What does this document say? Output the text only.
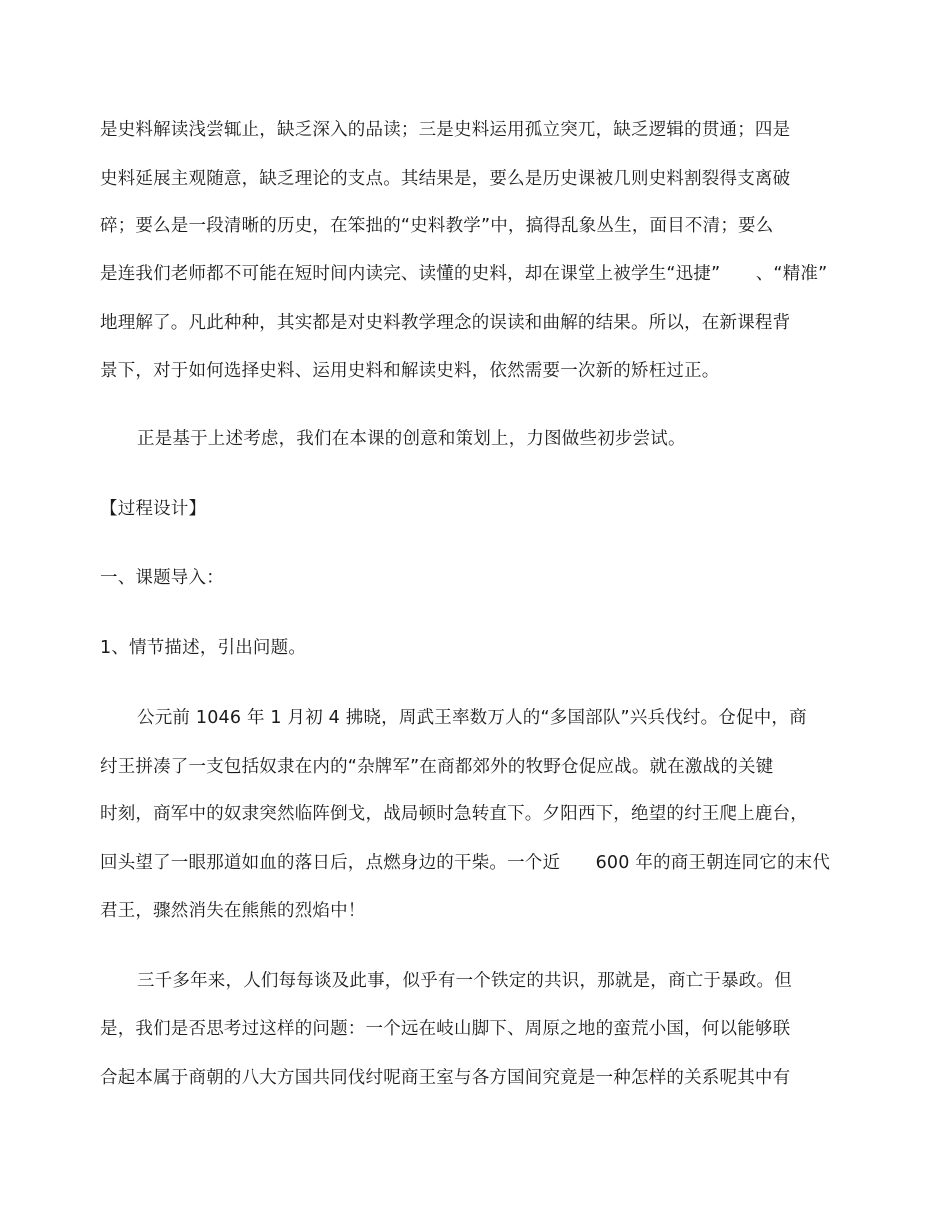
是史料解读浅尝辄止，缺乏深入的品读；三是史料运用孤立突兀，缺乏逻辑的贯通；四是
史料延展主观随意，缺乏理论的支点。其结果是，要么是历史课被几则史料割裂得支离破
碎；要么是一段清晰的历史，在笨拙的“史料教学”中，搞得乱象丛生，面目不清；要么
是连我们老师都不可能在短时间内读完、读懂的史料，却在课堂上被学生“迅捷”　　、“精准”
地理解了。凡此种种，其实都是对史料教学理念的误读和曲解的结果。所以，在新课程背
景下，对于如何选择史料、运用史料和解读史料，依然需要一次新的矫枉过正。
正是基于上述考虑，我们在本课的创意和策划上，力图做些初步尝试。
【过程设计】
一、课题导入：
1、情节描述，引出问题。
公元前 1046 年 1 月初 4 拂晓，周武王率数万人的“多国部队”兴兵伐纣。仓促中，商
纣王拼凑了一支包括奴隶在内的“杂牌军”在商都郊外的牧野仓促应战。就在激战的关键
时刻，商军中的奴隶突然临阵倒戈，战局顿时急转直下。夕阳西下，绝望的纣王爬上鹿台，
回头望了一眼那道如血的落日后，点燃身边的干柴。一个近　　600 年的商王朝连同它的末代
君王，骤然消失在熊熊的烈焰中！
三千多年来，人们每每谈及此事，似乎有一个铁定的共识，那就是，商亡于暴政。但
是，我们是否思考过这样的问题：一个远在岐山脚下、周原之地的蛮荒小国，何以能够联
合起本属于商朝的八大方国共同伐纣呢商王室与各方国间究竟是一种怎样的关系呢其中有
